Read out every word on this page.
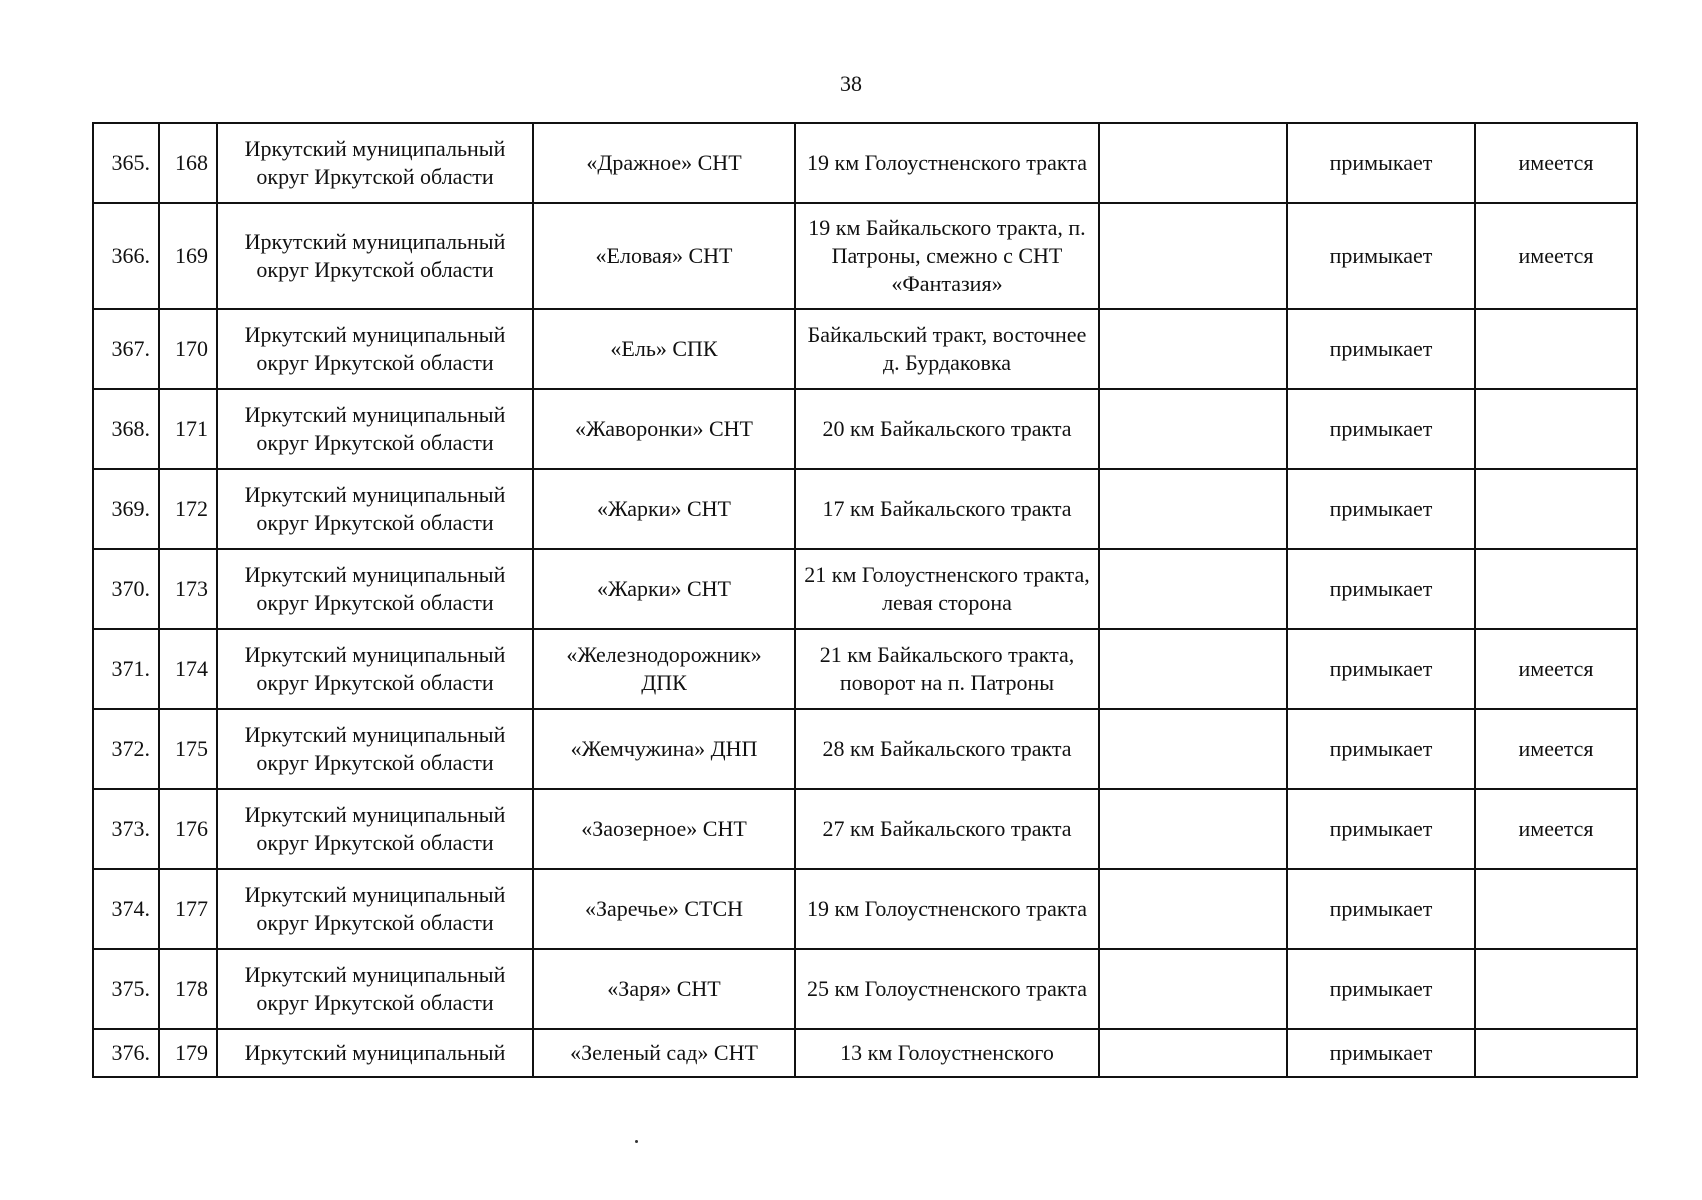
38
365.	168	Иркутский муниципальный округ Иркутской области	«Дражное» СНТ	19 км Голоустненского тракта		примыкает	имеется
366.	169	Иркутский муниципальный округ Иркутской области	«Еловая» СНТ	19 км Байкальского тракта, п. Патроны, смежно с СНТ «Фантазия»		примыкает	имеется
367.	170	Иркутский муниципальный округ Иркутской области	«Ель» СПК	Байкальский тракт, восточнее д. Бурдаковка		примыкает	
368.	171	Иркутский муниципальный округ Иркутской области	«Жаворонки» СНТ	20 км Байкальского тракта		примыкает	
369.	172	Иркутский муниципальный округ Иркутской области	«Жарки» СНТ	17 км Байкальского тракта		примыкает	
370.	173	Иркутский муниципальный округ Иркутской области	«Жарки» СНТ	21 км Голоустненского тракта, левая сторона		примыкает	
371.	174	Иркутский муниципальный округ Иркутской области	«Железнодорожник» ДПК	21 км Байкальского тракта, поворот на п. Патроны		примыкает	имеется
372.	175	Иркутский муниципальный округ Иркутской области	«Жемчужина» ДНП	28 км Байкальского тракта		примыкает	имеется
373.	176	Иркутский муниципальный округ Иркутской области	«Заозерное» СНТ	27 км Байкальского тракта		примыкает	имеется
374.	177	Иркутский муниципальный округ Иркутской области	«Заречье» СТСН	19 км Голоустненского тракта		примыкает	
375.	178	Иркутский муниципальный округ Иркутской области	«Заря» СНТ	25 км Голоустненского тракта		примыкает	
376.	179	Иркутский муниципальный	«Зеленый сад» СНТ	13 км Голоустненского		примыкает	
